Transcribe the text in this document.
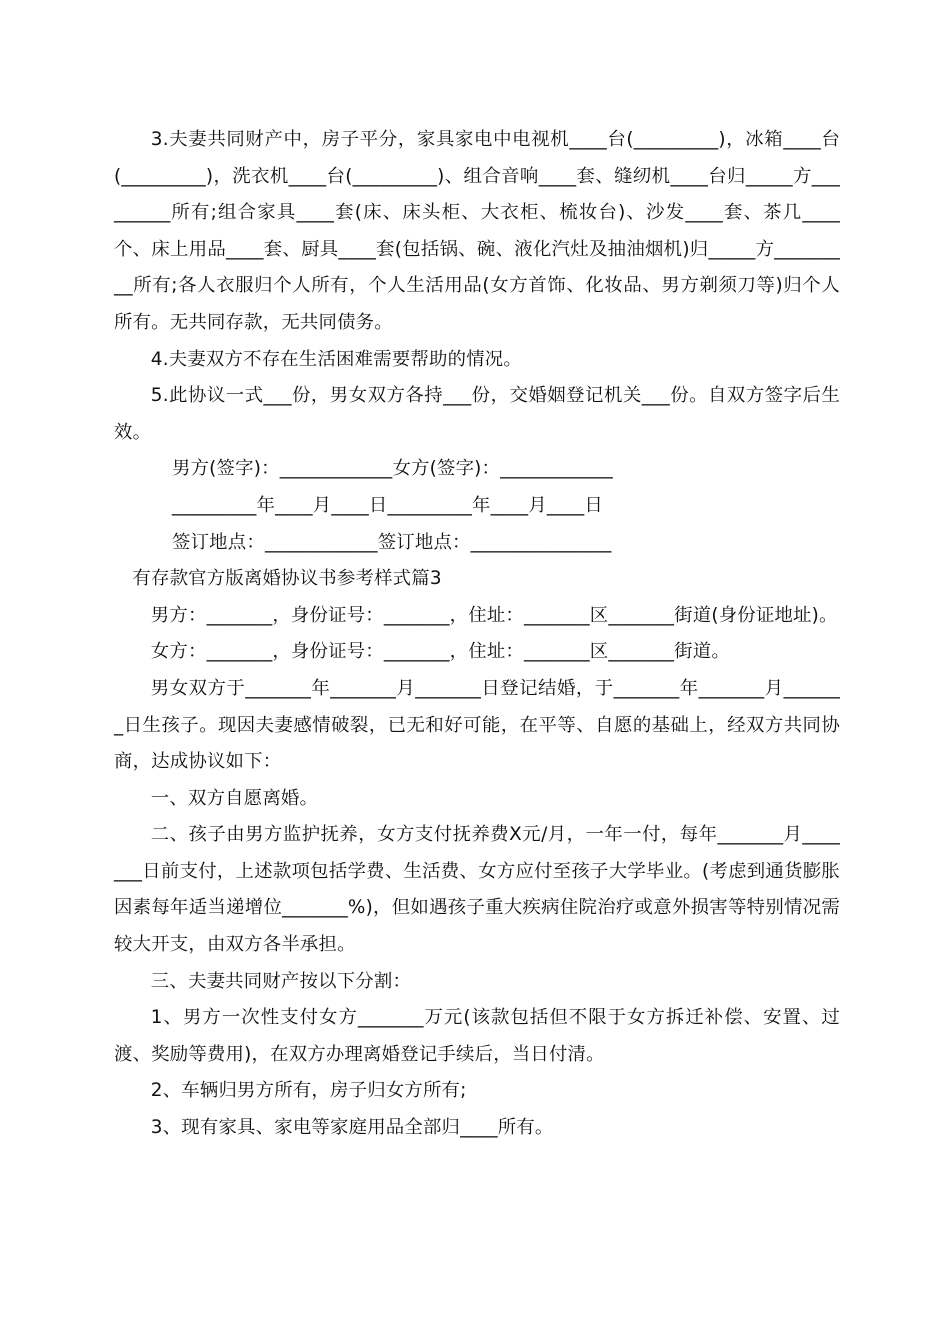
3.夫妻共同财产中，房子平分，家具家电中电视机____台(_________)，冰箱____台(_________)，洗衣机____台(_________)、组合音响____套、缝纫机____台归_____方_________所有;组合家具____套(床、床头柜、大衣柜、梳妆台)、沙发____套、茶几____个、床上用品____套、厨具____套(包括锅、碗、液化汽灶及抽油烟机)归_____方_________所有;各人衣服归个人所有，个人生活用品(女方首饰、化妆品、男方剃须刀等)归个人所有。无共同存款，无共同债务。

4.夫妻双方不存在生活困难需要帮助的情况。

5.此协议一式___份，男女双方各持___份，交婚姻登记机关___份。自双方签字后生效。

男方(签字)：____________女方(签字)：____________

_________年____月____日_________年____月____日

签订地点：____________签订地点：_______________

有存款官方版离婚协议书参考样式篇3

男方：_______，身份证号：_______，住址：_______区_______街道(身份证地址)。

女方：_______，身份证号：_______，住址：_______区_______街道。

男女双方于_______年_______月_______日登记结婚，于_______年_______月_______日生孩子。现因夫妻感情破裂，已无和好可能，在平等、自愿的基础上，经双方共同协商，达成协议如下：

一、双方自愿离婚。

二、孩子由男方监护抚养，女方支付抚养费X元/月，一年一付，每年_______月_______日前支付，上述款项包括学费、生活费、女方应付至孩子大学毕业。(考虑到通货膨胀因素每年适当递增位_______%)，但如遇孩子重大疾病住院治疗或意外损害等特别情况需较大开支，由双方各半承担。

三、夫妻共同财产按以下分割：

1、男方一次性支付女方_______万元(该款包括但不限于女方拆迁补偿、安置、过渡、奖励等费用)，在双方办理离婚登记手续后，当日付清。

2、车辆归男方所有，房子归女方所有;

3、现有家具、家电等家庭用品全部归____所有。
